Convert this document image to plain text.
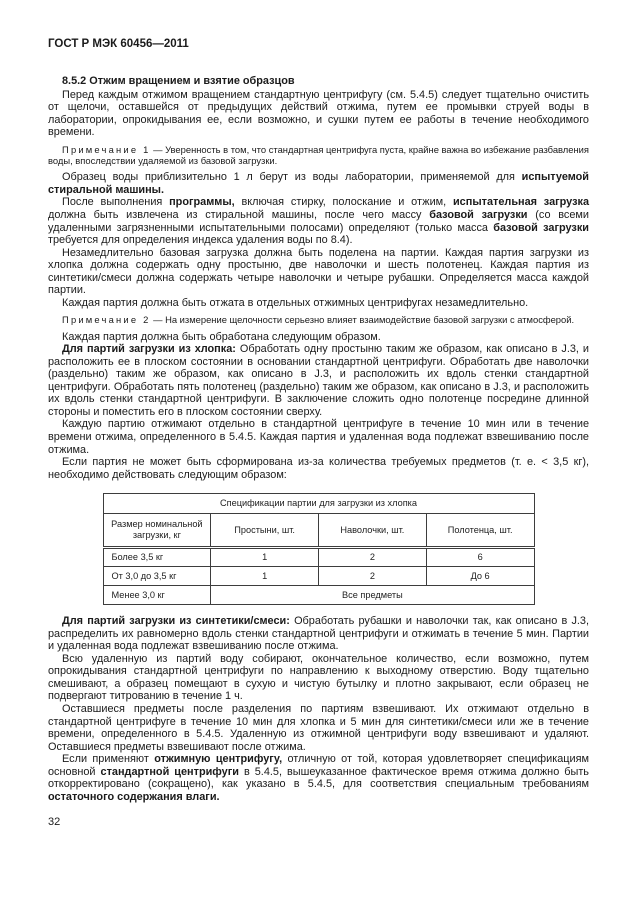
ГОСТ Р МЭК 60456—2011
8.5.2 Отжим вращением и взятие образцов
Перед каждым отжимом вращением стандартную центрифугу (см. 5.4.5) следует тщательно очистить от щелочи, оставшейся от предыдущих действий отжима, путем ее промывки струей воды в лаборатории, опрокидывания ее, если возможно, и сушки путем ее работы в течение необходимого времени.
Примечание 1 — Уверенность в том, что стандартная центрифуга пуста, крайне важна во избежание разбавления воды, впоследствии удаляемой из базовой загрузки.
Образец воды приблизительно 1 л берут из воды лаборатории, применяемой для испытуемой стиральной машины.
После выполнения программы, включая стирку, полоскание и отжим, испытательная загрузка должна быть извлечена из стиральной машины, после чего массу базовой загрузки (со всеми удаленными загрязненными испытательными полосами) определяют (только масса базовой загрузки требуется для определения индекса удаления воды по 8.4).
Незамедлительно базовая загрузка должна быть поделена на партии. Каждая партия загрузки из хлопка должна содержать одну простыню, две наволочки и шесть полотенец. Каждая партия из синтетики/смеси должна содержать четыре наволочки и четыре рубашки. Определяется масса каждой партии.
Каждая партия должна быть отжата в отдельных отжимных центрифугах незамедлительно.
Примечание 2 — На измерение щелочности серьезно влияет взаимодействие базовой загрузки с атмосферой.
Каждая партия должна быть обработана следующим образом.
Для партий загрузки из хлопка: Обработать одну простыню таким же образом, как описано в J.3, и расположить ее в плоском состоянии в основании стандартной центрифуги. Обработать две наволочки (раздельно) таким же образом, как описано в J.3, и расположить их вдоль стенки стандартной центрифуги. Обработать пять полотенец (раздельно) таким же образом, как описано в J.3, и расположить их вдоль стенки стандартной центрифуги. В заключение сложить одно полотенце посредине длинной стороны и поместить его в плоском состоянии сверху.
Каждую партию отжимают отдельно в стандартной центрифуге в течение 10 мин или в течение времени отжима, определенного в 5.4.5. Каждая партия и удаленная вода подлежат взвешиванию после отжима.
Если партия не может быть сформирована из-за количества требуемых предметов (т. е. < 3,5 кг), необходимо действовать следующим образом:
Спецификации партии для загрузки из хлопка			
Размер номинальной загрузки, кг	Простыни, шт.	Наволочки, шт.	Полотенца, шт.
Более 3,5 кг	1	2	6
От 3,0 до 3,5 кг	1	2	До 6
Менее 3,0 кг	Все предметы		
Для партий загрузки из синтетики/смеси: Обработать рубашки и наволочки так, как описано в J.3, распределить их равномерно вдоль стенки стандартной центрифуги и отжимать в течение 5 мин. Партии и удаленная вода подлежат взвешиванию после отжима.
Всю удаленную из партий воду собирают, окончательное количество, если возможно, путем опрокидывания стандартной центрифуги по направлению к выходному отверстию. Воду тщательно смешивают, а образец помещают в сухую и чистую бутылку и плотно закрывают, если образец не подвергают титрованию в течение 1 ч.
Оставшиеся предметы после разделения по партиям взвешивают. Их отжимают отдельно в стандартной центрифуге в течение 10 мин для хлопка и 5 мин для синтетики/смеси или же в течение времени, определенного в 5.4.5. Удаленную из отжимной центрифуги воду взвешивают и удаляют. Оставшиеся предметы взвешивают после отжима.
Если применяют отжимную центрифугу, отличную от той, которая удовлетворяет спецификациям основной стандартной центрифуги в 5.4.5, вышеуказанное фактическое время отжима должно быть откорректировано (сокращено), как указано в 5.4.5, для соответствия специальным требованиям остаточного содержания влаги.
32
